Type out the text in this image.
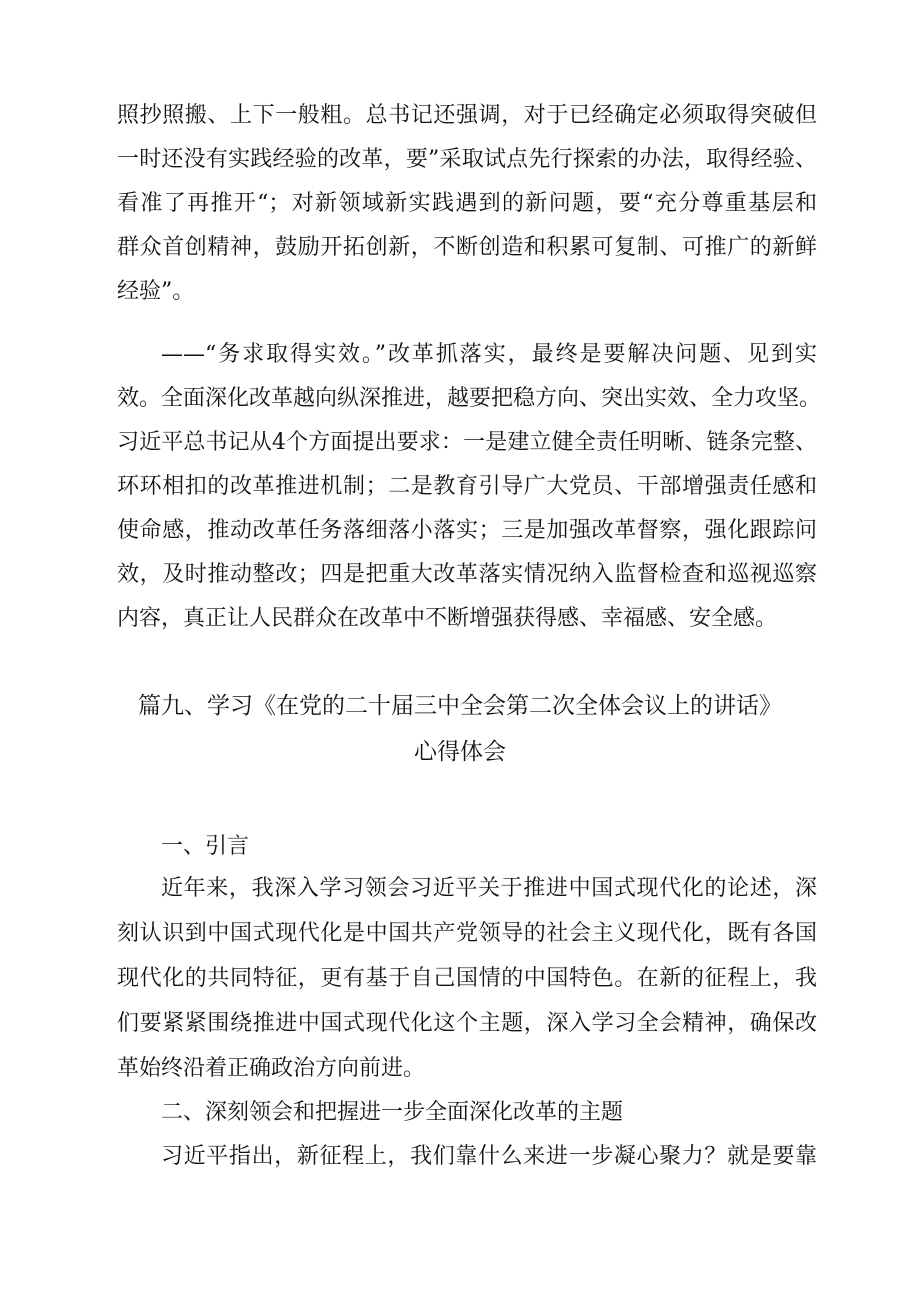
照抄照搬、上下一般粗。总书记还强调，对于已经确定必须取得突破但
一时还没有实践经验的改革，要”采取试点先行探索的办法，取得经验、
看准了再推开“；对新领域新实践遇到的新问题，要“充分尊重基层和
群众首创精神，鼓励开拓创新，不断创造和积累可复制、可推广的新鲜
经验”。
——“务求取得实效。”改革抓落实，最终是要解决问题、见到实
效。全面深化改革越向纵深推进，越要把稳方向、突出实效、全力攻坚。
习近平总书记从4个方面提出要求：一是建立健全责任明晰、链条完整、
环环相扣的改革推进机制；二是教育引导广大党员、干部增强责任感和
使命感，推动改革任务落细落小落实；三是加强改革督察，强化跟踪问
效，及时推动整改；四是把重大改革落实情况纳入监督检查和巡视巡察
内容，真正让人民群众在改革中不断增强获得感、幸福感、安全感。
篇九、学习《在党的二十届三中全会第二次全体会议上的讲话》
心得体会
一、引言
近年来，我深入学习领会习近平关于推进中国式现代化的论述，深
刻认识到中国式现代化是中国共产党领导的社会主义现代化，既有各国
现代化的共同特征，更有基于自己国情的中国特色。在新的征程上，我
们要紧紧围绕推进中国式现代化这个主题，深入学习全会精神，确保改
革始终沿着正确政治方向前进。
二、深刻领会和把握进一步全面深化改革的主题
习近平指出，新征程上，我们靠什么来进一步凝心聚力？就是要靠
